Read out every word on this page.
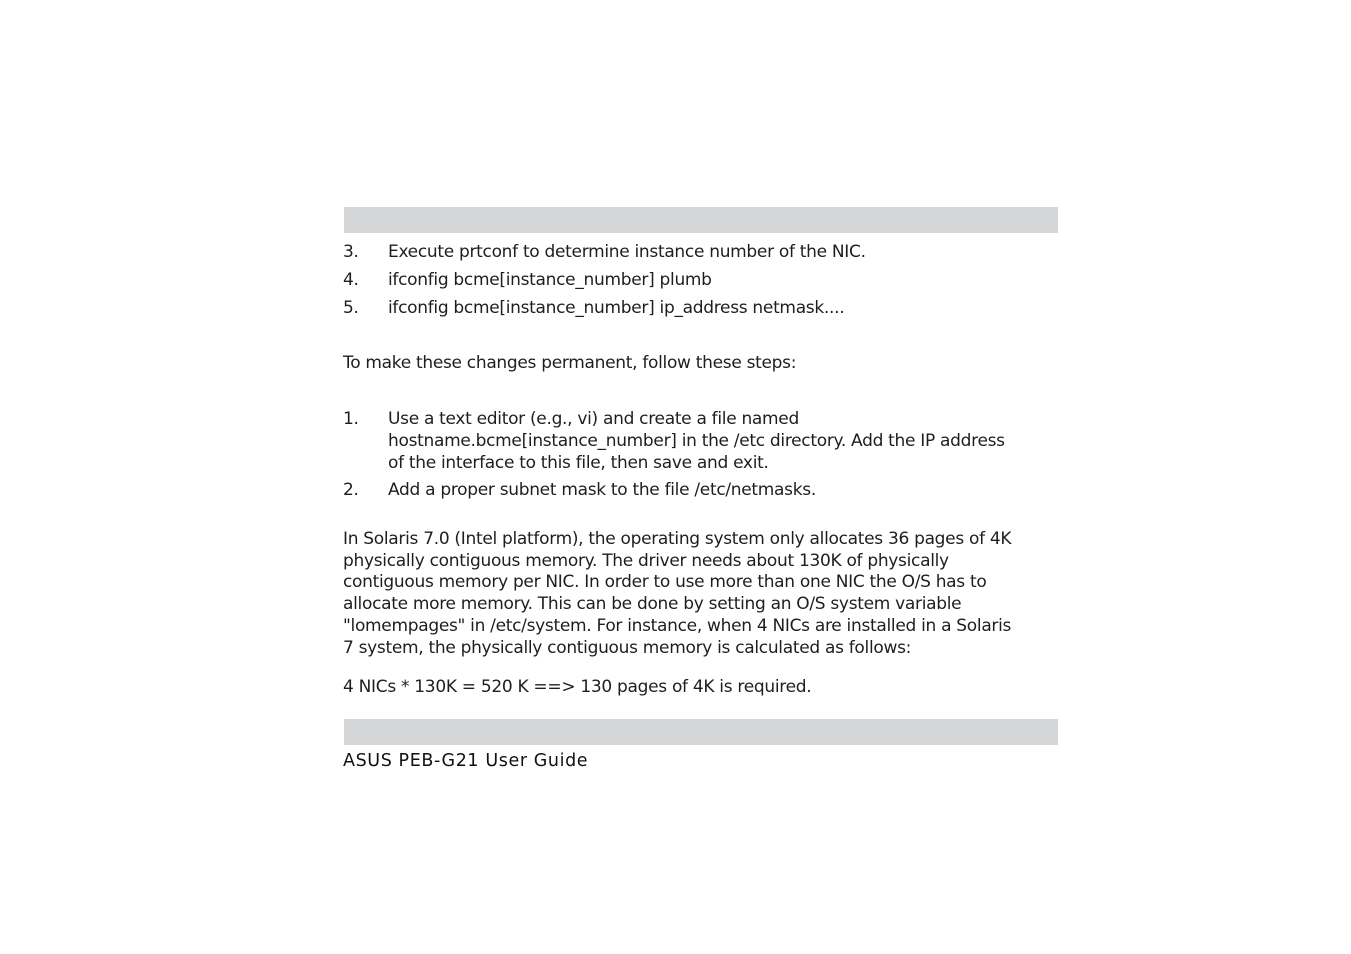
3. Execute prtconf to determine instance number of the NIC.
4. ifconfig bcme[instance_number] plumb
5. ifconfig bcme[instance_number] ip_address netmask....

To make these changes permanent, follow these steps:

1. Use a text editor (e.g., vi) and create a file named hostname.bcme[instance_number] in the /etc directory. Add the IP address of the interface to this file, then save and exit.
2. Add a proper subnet mask to the file /etc/netmasks.

In Solaris 7.0 (Intel platform), the operating system only allocates 36 pages of 4K physically contiguous memory. The driver needs about 130K of physically contiguous memory per NIC. In order to use more than one NIC the O/S has to allocate more memory. This can be done by setting an O/S system variable "lomempages" in /etc/system. For instance, when 4 NICs are installed in a Solaris 7 system, the physically contiguous memory is calculated as follows:

4 NICs * 130K = 520 K ==> 130 pages of 4K is required.

ASUS PEB-G21 User Guide
